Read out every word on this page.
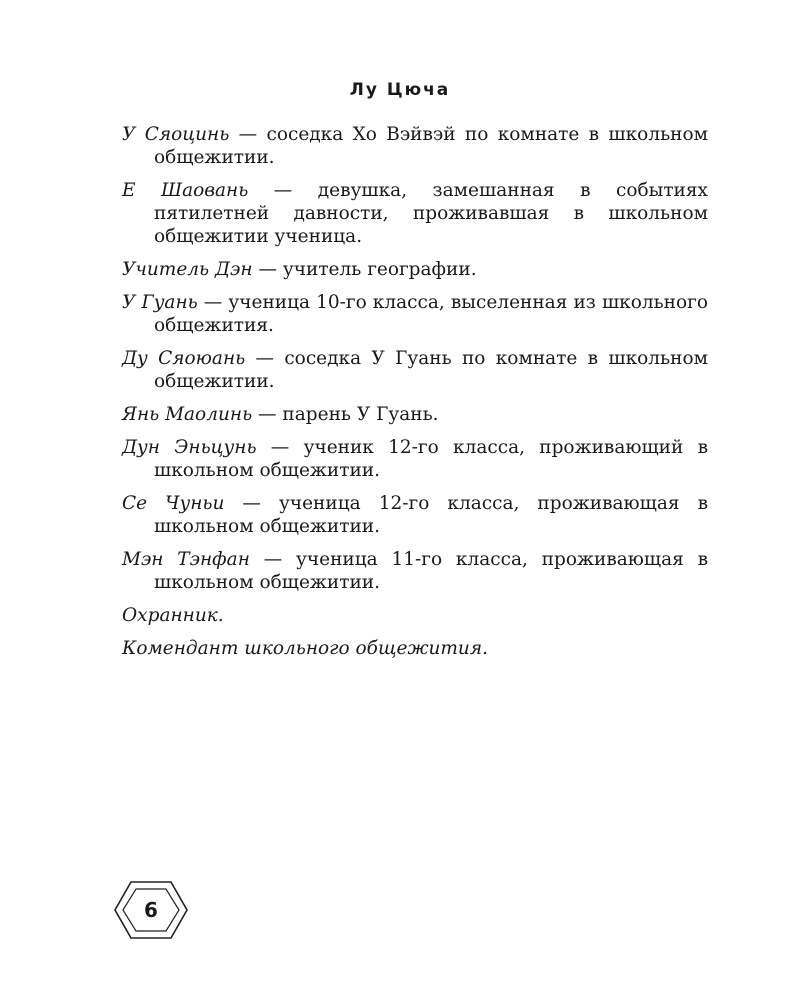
Лу Цюча

У Сяоцинь — соседка Хо Вэйвэй по комнате в школьном общежитии.

Е Шаовань — девушка, замешанная в событиях пятилетней давности, проживавшая в школьном общежитии ученица.

Учитель Дэн — учитель географии.

У Гуань — ученица 10-го класса, выселенная из школьного общежития.

Ду Сяоюань — соседка У Гуань по комнате в школьном общежитии.

Янь Маолинь — парень У Гуань.

Дун Эньцунь — ученик 12-го класса, проживающий в школьном общежитии.

Се Чуньи — ученица 12-го класса, проживающая в школьном общежитии.

Мэн Тэнфан — ученица 11-го класса, проживающая в школьном общежитии.

Охранник.

Комендант школьного общежития.

6
